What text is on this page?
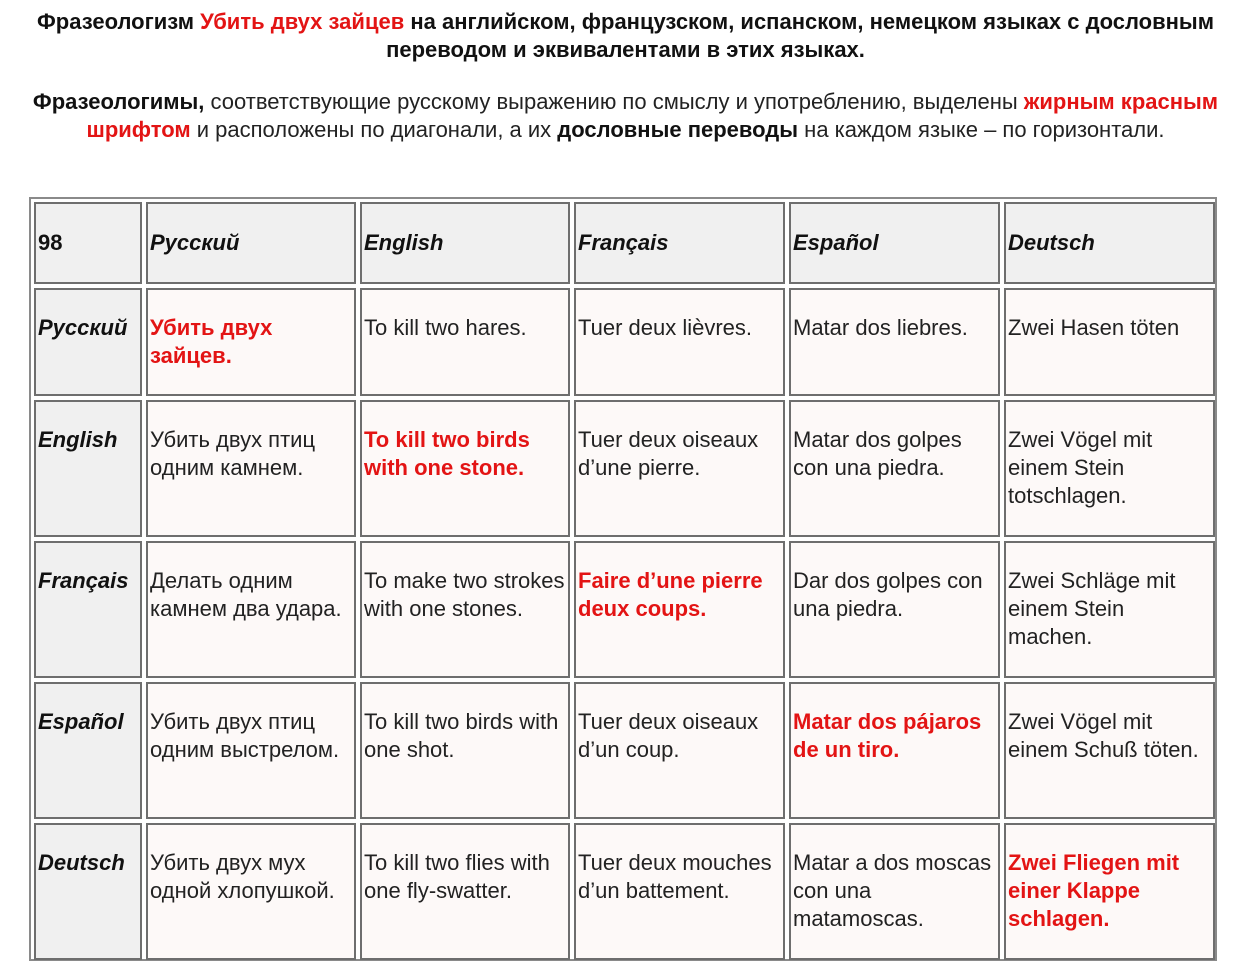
Фразеологизм Убить двух зайцев на английском, французском, испанском, немецком языках с дословным переводом и эквивалентами в этих языках.
Фразеологимы, соответствующие русскому выражению по смыслу и употреблению, выделены жирным красным шрифтом и расположены по диагонали, а их дословные переводы на каждом языке – по горизонтали.
98	Русский	English	Français	Español	Deutsch
Русский	Убить двух зайцев.	To kill two hares.	Tuer deux lièvres.	Matar dos liebres.	Zwei Hasen töten
English	Убить двух птиц одним камнем.	To kill two birds with one stone.	Tuer deux oiseaux d’une pierre.	Matar dos golpes con una piedra.	Zwei Vögel mit einem Stein totschlagen.
Français	Делать одним камнем два удара.	To make two strokes with one stones.	Faire d’une pierre deux coups.	Dar dos golpes con una piedra.	Zwei Schläge mit einem Stein machen.
Español	Убить двух птиц одним выстрелом.	To kill two birds with one shot.	Tuer deux oiseaux d’un coup.	Matar dos pájaros de un tiro.	Zwei Vögel mit einem Schuß töten.
Deutsch	Убить двух мух одной хлопушкой.	To kill two flies with one fly-swatter.	Tuer deux mouches d’un battement.	Matar a dos moscas con una matamoscas.	Zwei Fliegen mit einer Klappe schlagen.
